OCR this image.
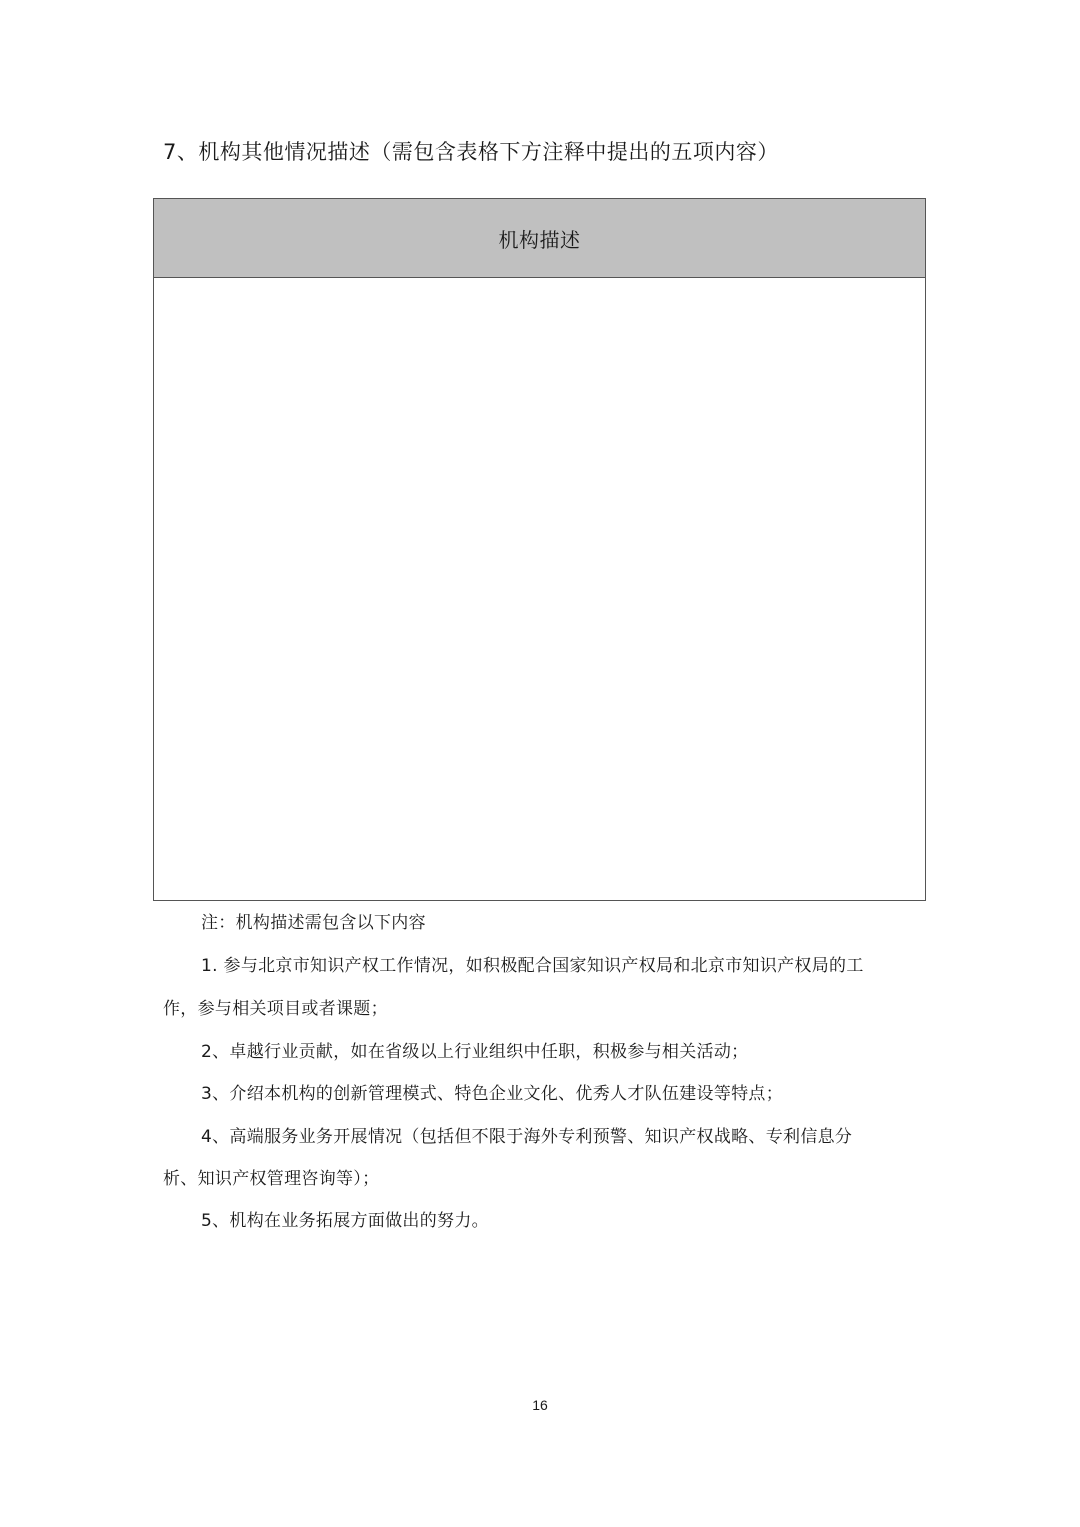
7、机构其他情况描述（需包含表格下方注释中提出的五项内容）
机构描述
注：机构描述需包含以下内容
1. 参与北京市知识产权工作情况，如积极配合国家知识产权局和北京市知识产权局的工
作，参与相关项目或者课题；
2、卓越行业贡献，如在省级以上行业组织中任职，积极参与相关活动；
3、介绍本机构的创新管理模式、特色企业文化、优秀人才队伍建设等特点；
4、高端服务业务开展情况（包括但不限于海外专利预警、知识产权战略、专利信息分
析、知识产权管理咨询等）；
5、机构在业务拓展方面做出的努力。
16
